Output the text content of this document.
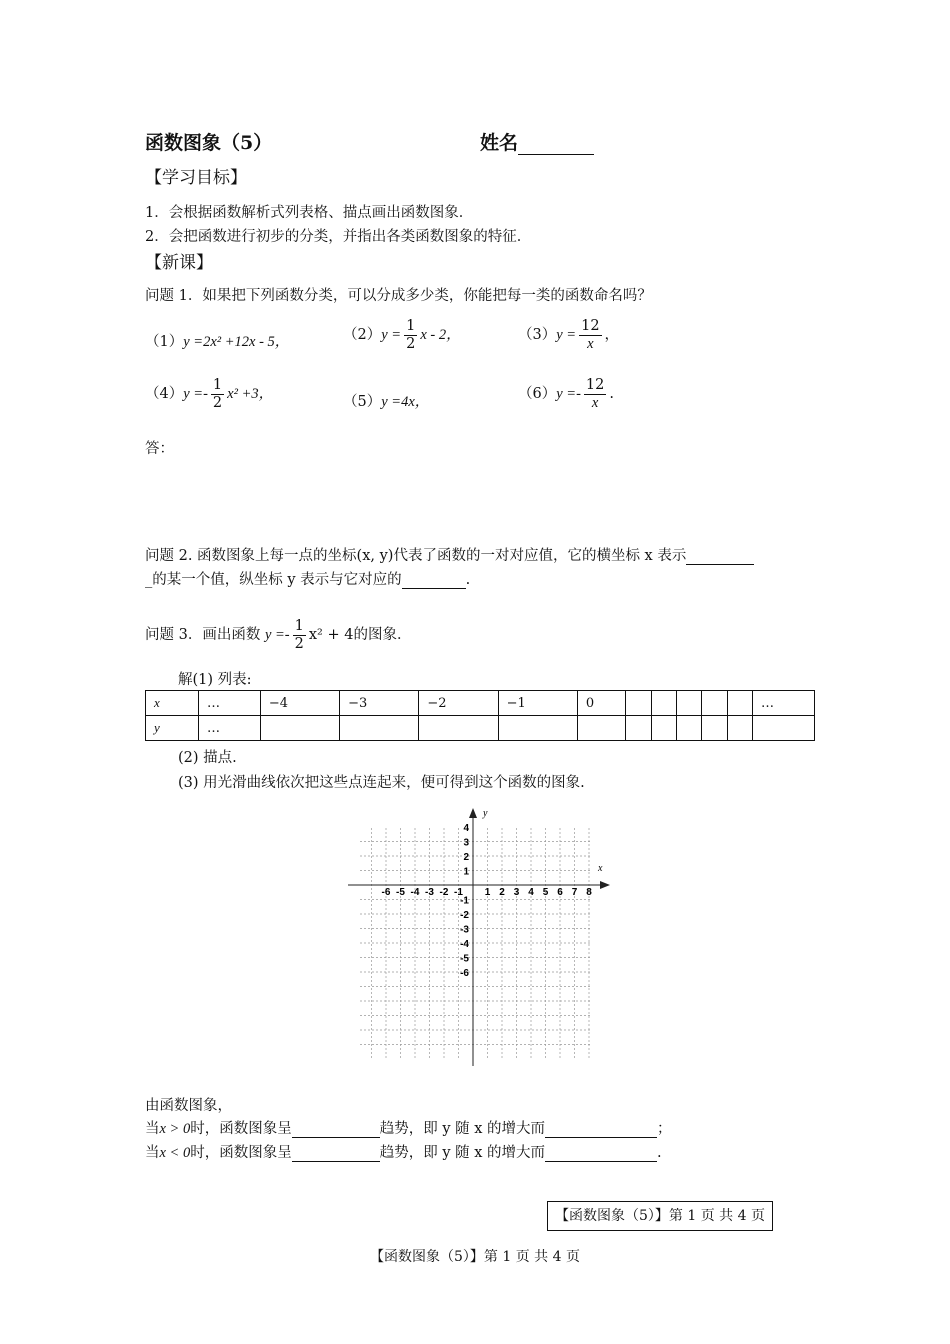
函数图象（5）	姓名
【学习目标】
1．会根据函数解析式列表格、描点画出函数图象．
2．会把函数进行初步的分类，并指出各类函数图象的特征．
【新课】
问题 1．如果把下列函数分类，可以分成多少类，你能把每一类的函数命名吗？
（1）y =2x² +12x - 5，	$(2)y = \frac{1}{2}$ x - 2，	$(3)y = \frac{12}{x}$ ，
$(4)y =- \frac{1}{2} x^2 +3$，	（5）y =4x，	$(6)y =- \frac{12}{x}$ .
答：
问题 2. 函数图象上每一点的坐标(x, y)代表了函数的一对对应值，它的横坐标 x 表示
_的某一个值，纵坐标 y 表示与它对应的	.
问题 3．画出函数 $y =- \frac{1}{2} x^2 + 4$的图象．
解(1) 列表:
x	…	−4	−3	−2	−1	0						…
y	…											
(2) 描点.
(3) 用光滑曲线依次把这些点连起来，便可得到这个函数的图象.
x
y
-6 -5 -4 -3 -2 -1 1 2 3 4 5 6 7 8
4
3
2
1
-1
-2
-3
-4
-5
-6
由函数图象，
当x > 0时，函数图象呈	趋势，即 y 随 x 的增大而	；
当x < 0时，函数图象呈	趋势，即 y 随 x 的增大而	.
【函数图象（5）】第 1 页 共 4 页
【函数图象（5）】第 1 页 共 4 页
